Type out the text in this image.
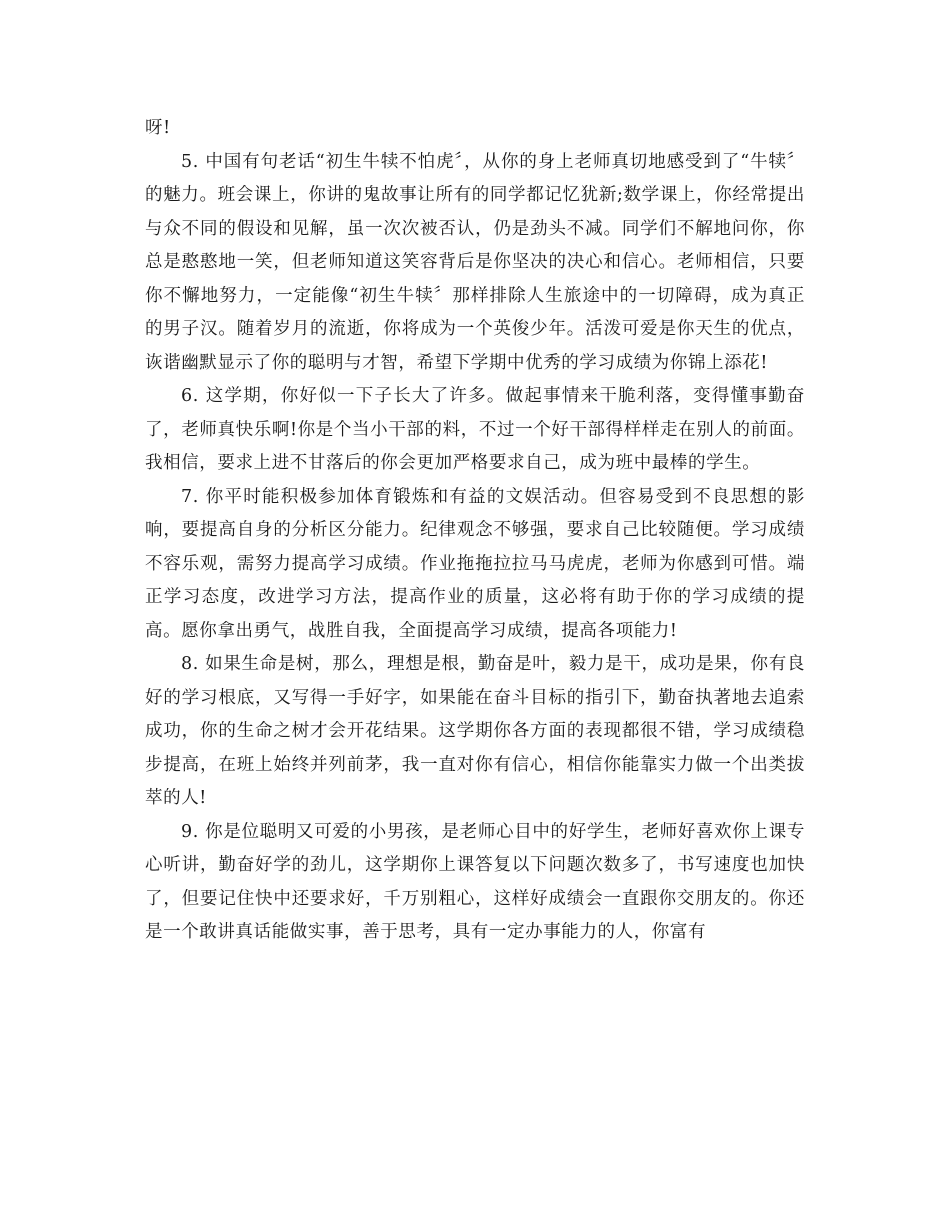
呀!

5. 中国有句老话“初生牛犊不怕虎〞，从你的身上老师真切地感受到了“牛犊〞的魅力。班会课上，你讲的鬼故事让所有的同学都记忆犹新;数学课上，你经常提出与众不同的假设和见解，虽一次次被否认，仍是劲头不减。同学们不解地问你，你总是憨憨地一笑，但老师知道这笑容背后是你坚决的决心和信心。老师相信，只要你不懈地努力，一定能像“初生牛犊〞那样排除人生旅途中的一切障碍，成为真正的男子汉。随着岁月的流逝，你将成为一个英俊少年。活泼可爱是你天生的优点，诙谐幽默显示了你的聪明与才智，希望下学期中优秀的学习成绩为你锦上添花!

6. 这学期，你好似一下子长大了许多。做起事情来干脆利落，变得懂事勤奋了，老师真快乐啊!你是个当小干部的料，不过一个好干部得样样走在别人的前面。我相信，要求上进不甘落后的你会更加严格要求自己，成为班中最棒的学生。

7. 你平时能积极参加体育锻炼和有益的文娱活动。但容易受到不良思想的影响，要提高自身的分析区分能力。纪律观念不够强，要求自己比较随便。学习成绩不容乐观，需努力提高学习成绩。作业拖拖拉拉马马虎虎，老师为你感到可惜。端正学习态度，改进学习方法，提高作业的质量，这必将有助于你的学习成绩的提高。愿你拿出勇气，战胜自我，全面提高学习成绩，提高各项能力!

8. 如果生命是树，那么，理想是根，勤奋是叶，毅力是干，成功是果，你有良好的学习根底，又写得一手好字，如果能在奋斗目标的指引下，勤奋执著地去追索成功，你的生命之树才会开花结果。这学期你各方面的表现都很不错，学习成绩稳步提高，在班上始终并列前茅，我一直对你有信心，相信你能靠实力做一个出类拔萃的人!

9. 你是位聪明又可爱的小男孩，是老师心目中的好学生，老师好喜欢你上课专心听讲，勤奋好学的劲儿，这学期你上课答复以下问题次数多了，书写速度也加快了，但要记住快中还要求好，千万别粗心，这样好成绩会一直跟你交朋友的。你还是一个敢讲真话能做实事，善于思考，具有一定办事能力的人，你富有
